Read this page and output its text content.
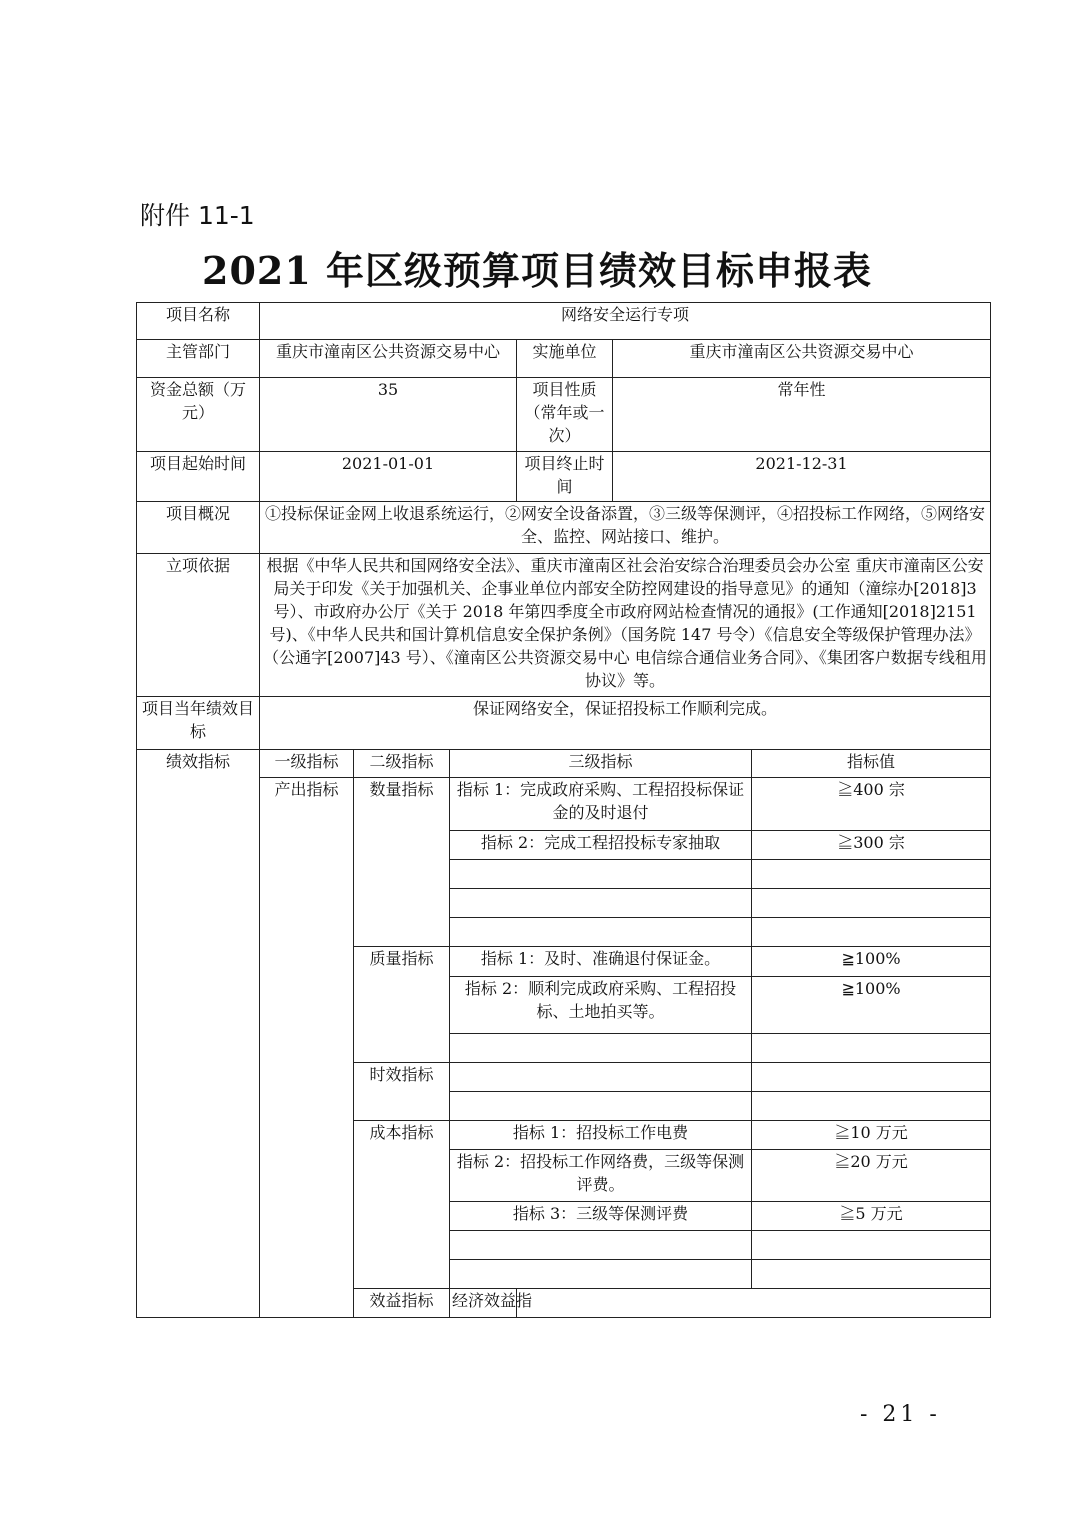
附件 11-1

2021 年区级预算项目绩效目标申报表
项目名称	网络安全运行专项						
主管部门	重庆市潼南区公共资源交易中心			实施单位	重庆市潼南区公共资源交易中心		
资金总额（万元）	35			项目性质（常年或一次）	常年性		
项目起始时间	2021-01-01			项目终止时间	2021-12-31		
项目概况	①投标保证金网上收退系统运行，②网安全设备添置，③三级等保测评，④招投标工作网络，⑤网络安全、监控、网站接口、维护。						
立项依据	根据《中华人民共和国网络安全法》、重庆市潼南区社会治安综合治理委员会办公室 重庆市潼南区公安局关于印发《关于加强机关、企事业单位内部安全防控网建设的指导意见》的通知（潼综办[2018]3 号）、市政府办公厅《关于 2018 年第四季度全市政府网站检查情况的通报》(工作通知[2018]2151 号)、《中华人民共和国计算机信息安全保护条例》（国务院 147 号令）《信息安全等级保护管理办法》（公通字[2007]43 号）、《潼南区公共资源交易中心 电信综合通信业务合同》、《集团客户数据专线租用协议》等。						
项目当年绩效目标	保证网络安全，保证招投标工作顺利完成。						
绩效指标	一级指标	二级指标	三级指标			指标值	
	产出指标	数量指标	指标 1：完成政府采购、工程招投标保证金的及时退付			≧400 宗	
			指标 2：完成工程招投标专家抽取			≧300 宗	

		质量指标	指标 1：及时、准确退付保证金。			≧100%	
			指标 2：顺利完成政府采购、工程招投标、土地拍买等。			≧100%	

		时效指标					

		成本指标	指标 1：招投标工作电费			≧10 万元	
			指标 2：招投标工作网络费，三级等保测评费。			≧20 万元	
			指标 3：三级等保测评费			≧5 万元	

		效益指标	经济效益指				
- 21 -
